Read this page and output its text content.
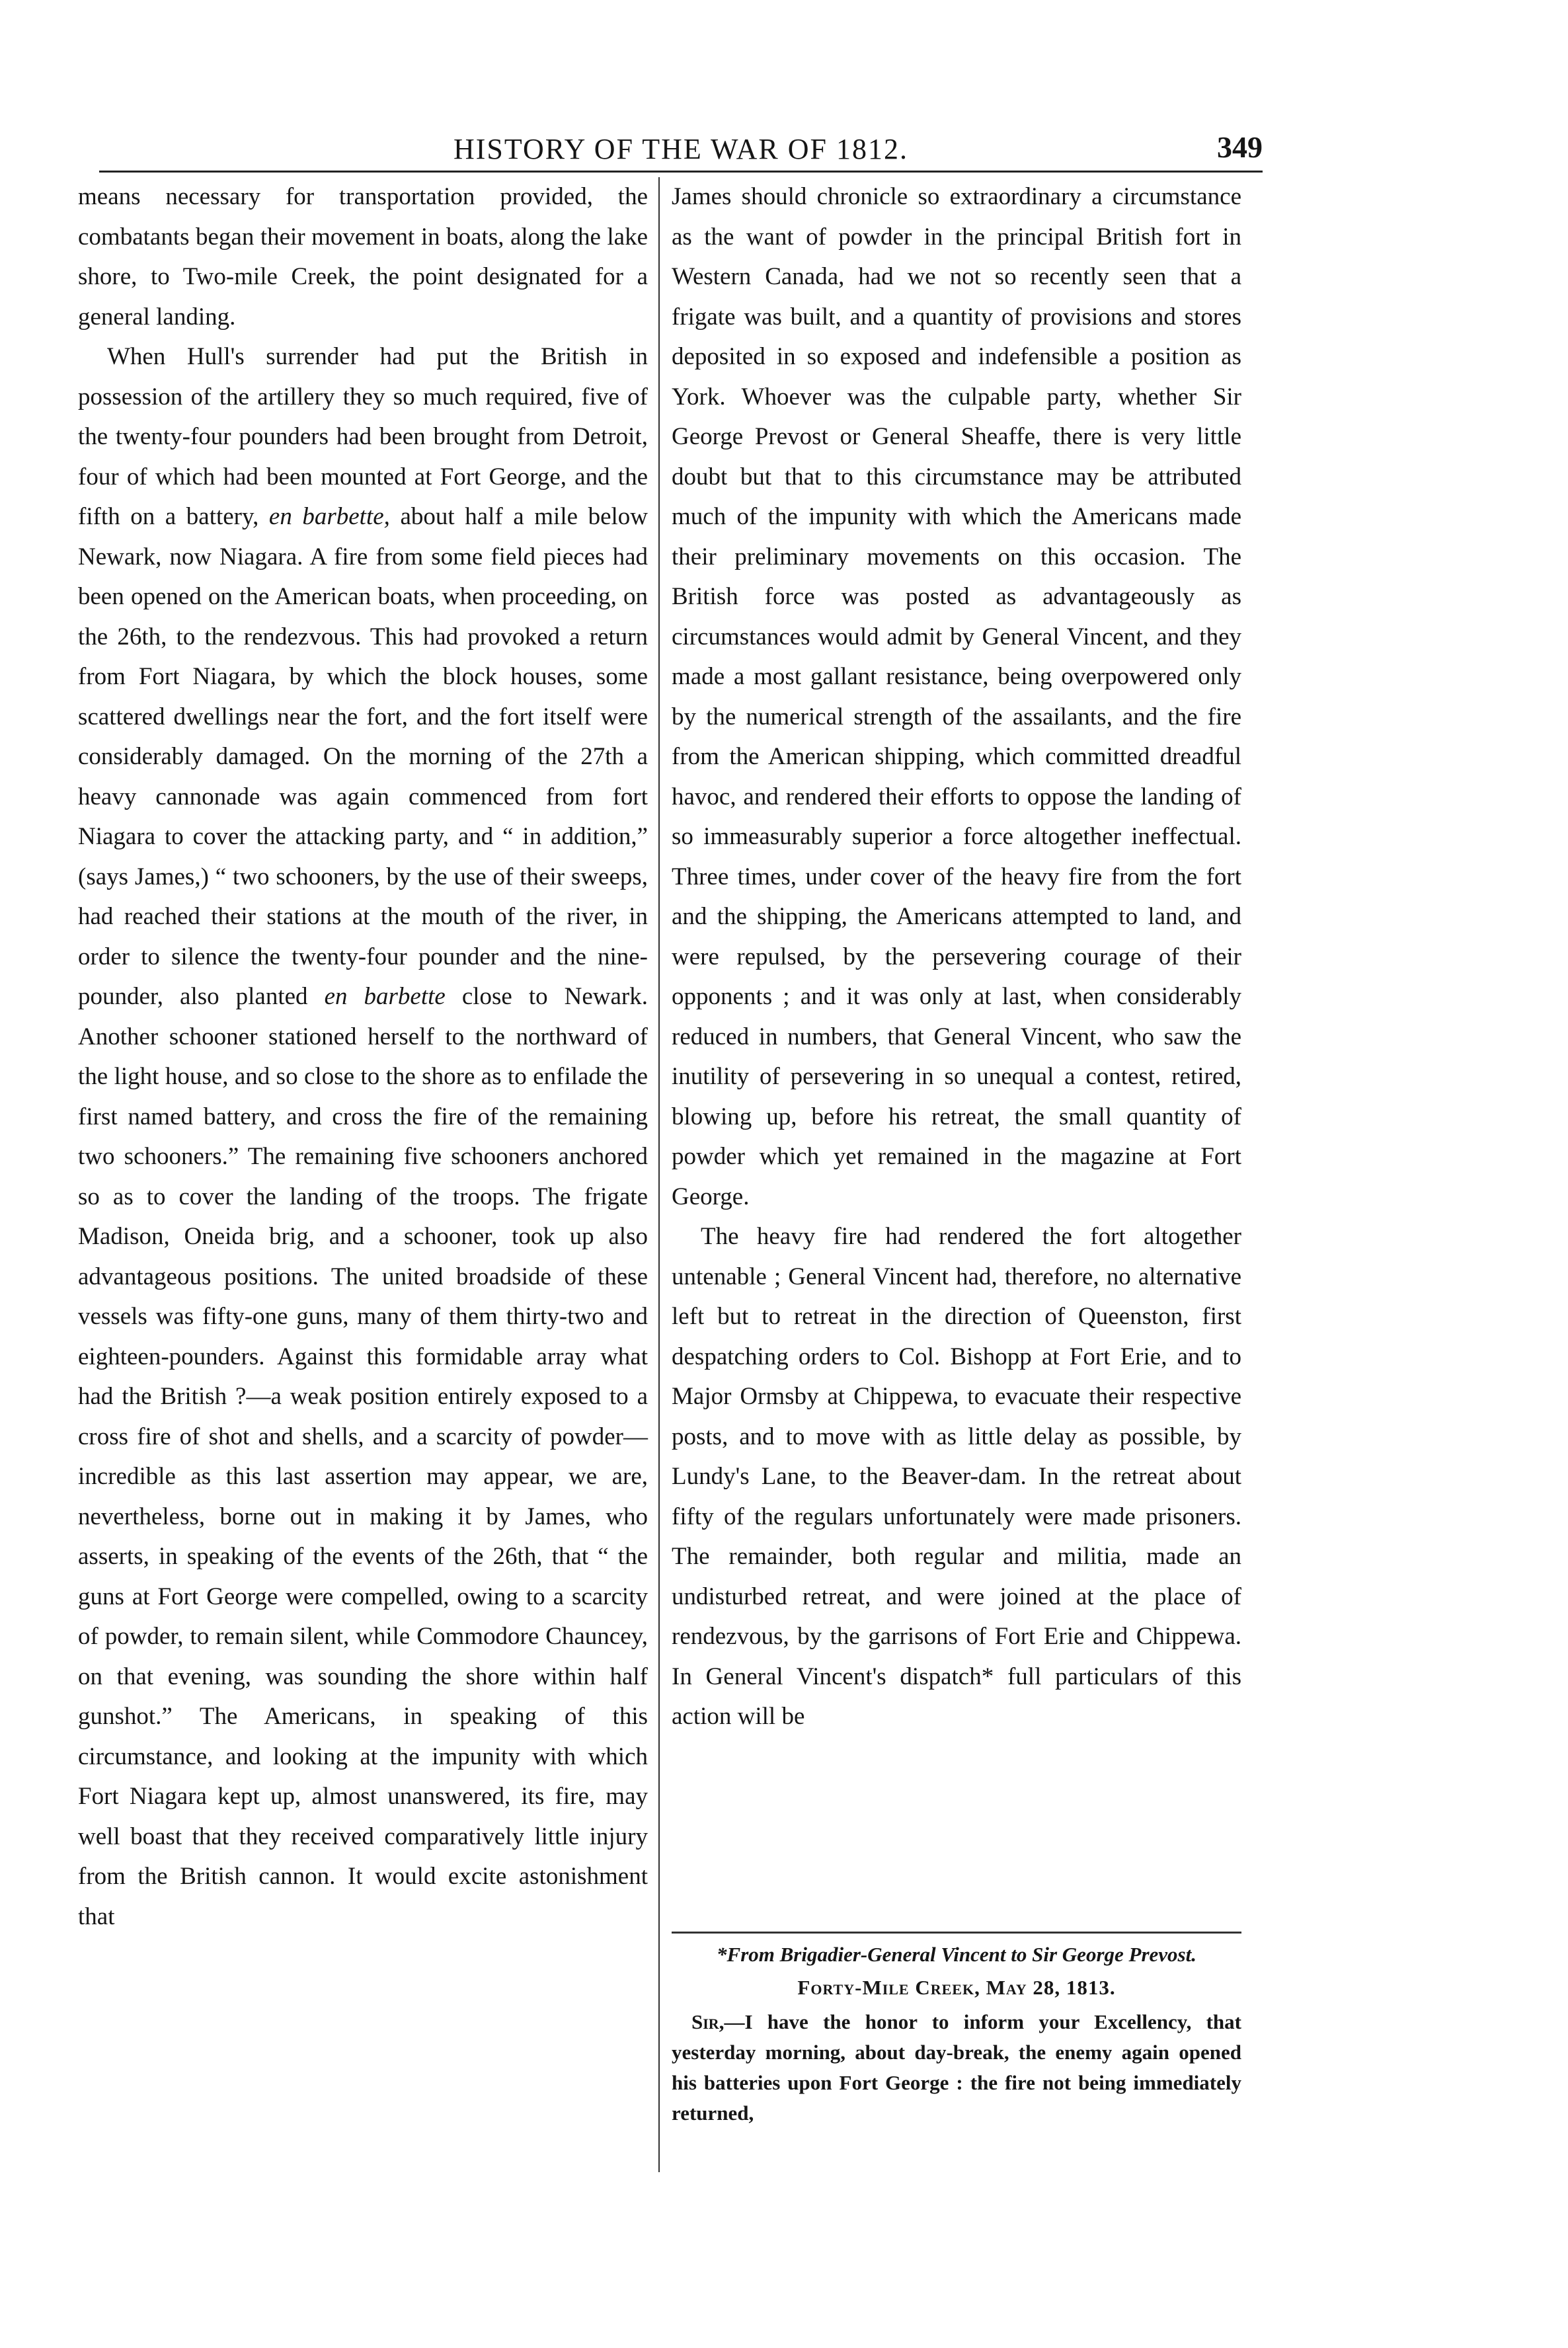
HISTORY OF THE WAR OF 1812.	349

means necessary for transportation provided, the combatants began their movement in boats, along the lake shore, to Two-mile Creek, the point designated for a general landing.

When Hull's surrender had put the British in possession of the artillery they so much required, five of the twenty-four pounders had been brought from Detroit, four of which had been mounted at Fort George, and the fifth on a battery, en barbette, about half a mile below Newark, now Niagara. A fire from some field pieces had been opened on the American boats, when proceeding, on the 26th, to the rendezvous. This had provoked a return from Fort Niagara, by which the block houses, some scattered dwellings near the fort, and the fort itself were considerably damaged. On the morning of the 27th a heavy cannonade was again commenced from fort Niagara to cover the attacking party, and “ in addition,” (says James,) “ two schooners, by the use of their sweeps, had reached their stations at the mouth of the river, in order to silence the twenty-four pounder and the nine-pounder, also planted en barbette close to Newark. Another schooner stationed herself to the northward of the light house, and so close to the shore as to enfilade the first named battery, and cross the fire of the remaining two schooners.” The remaining five schooners anchored so as to cover the landing of the troops. The frigate Madison, Oneida brig, and a schooner, took up also advantageous positions. The united broadside of these vessels was fifty-one guns, many of them thirty-two and eighteen-pounders. Against this formidable array what had the British ?—a weak position entirely exposed to a cross fire of shot and shells, and a scarcity of powder—incredible as this last assertion may appear, we are, nevertheless, borne out in making it by James, who asserts, in speaking of the events of the 26th, that “ the guns at Fort George were compelled, owing to a scarcity of powder, to remain silent, while Commodore Chauncey, on that evening, was sounding the shore within half gunshot.” The Americans, in speaking of this circumstance, and looking at the impunity with which Fort Niagara kept up, almost unanswered, its fire, may well boast that they received comparatively little injury from the British cannon. It would excite astonishment that

James should chronicle so extraordinary a circumstance as the want of powder in the principal British fort in Western Canada, had we not so recently seen that a frigate was built, and a quantity of provisions and stores deposited in so exposed and indefensible a position as York. Whoever was the culpable party, whether Sir George Prevost or General Sheaffe, there is very little doubt but that to this circumstance may be attributed much of the impunity with which the Americans made their preliminary movements on this occasion. The British force was posted as advantageously as circumstances would admit by General Vincent, and they made a most gallant resistance, being overpowered only by the numerical strength of the assailants, and the fire from the American shipping, which committed dreadful havoc, and rendered their efforts to oppose the landing of so immeasurably superior a force altogether ineffectual. Three times, under cover of the heavy fire from the fort and the shipping, the Americans attempted to land, and were repulsed, by the persevering courage of their opponents ; and it was only at last, when considerably reduced in numbers, that General Vincent, who saw the inutility of persevering in so unequal a contest, retired, blowing up, before his retreat, the small quantity of powder which yet remained in the magazine at Fort George.

The heavy fire had rendered the fort altogether untenable ; General Vincent had, therefore, no alternative left but to retreat in the direction of Queenston, first despatching orders to Col. Bishopp at Fort Erie, and to Major Ormsby at Chippewa, to evacuate their respective posts, and to move with as little delay as possible, by Lundy's Lane, to the Beaver-dam. In the retreat about fifty of the regulars unfortunately were made prisoners. The remainder, both regular and militia, made an undisturbed retreat, and were joined at the place of rendezvous, by the garrisons of Fort Erie and Chippewa. In General Vincent's dispatch* full particulars of this action will be

*From Brigadier-General Vincent to Sir George Prevost.

Forty-Mile Creek, May 28, 1813.

Sir,—I have the honor to inform your Excellency, that yesterday morning, about day-break, the enemy again opened his batteries upon Fort George : the fire not being immediately returned,
